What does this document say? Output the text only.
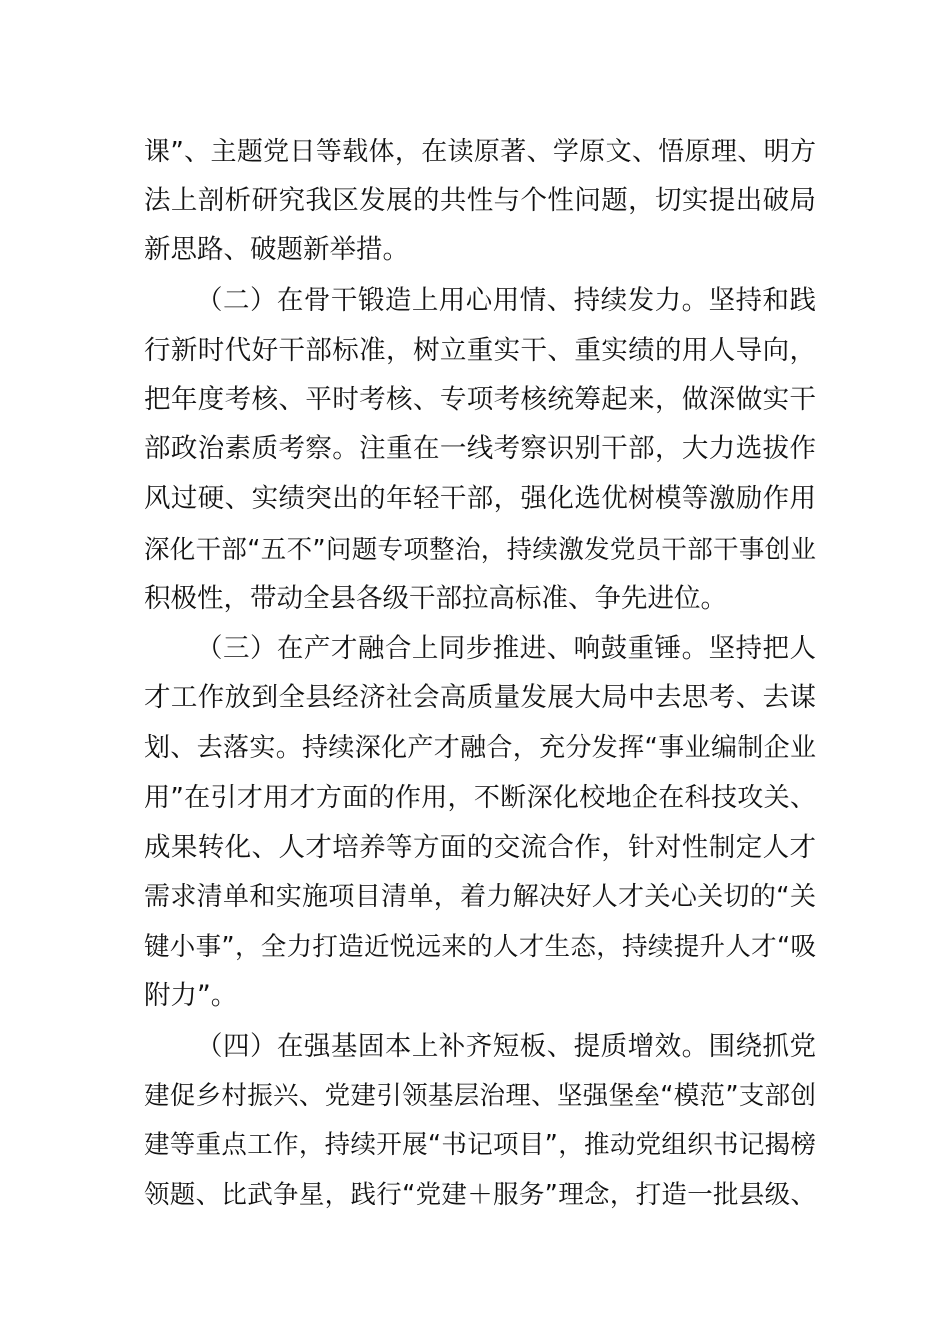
课”、主题党日等载体，在读原著、学原文、悟原理、明方
法上剖析研究我区发展的共性与个性问题，切实提出破局
新思路、破题新举措。
（二）在骨干锻造上用心用情、持续发力。坚持和践
行新时代好干部标准，树立重实干、重实绩的用人导向，
把年度考核、平时考核、专项考核统筹起来，做深做实干
部政治素质考察。注重在一线考察识别干部，大力选拔作
风过硬、实绩突出的年轻干部，强化选优树模等激励作用
深化干部“五不”问题专项整治，持续激发党员干部干事创业
积极性，带动全县各级干部拉高标准、争先进位。
（三）在产才融合上同步推进、响鼓重锤。坚持把人
才工作放到全县经济社会高质量发展大局中去思考、去谋
划、去落实。持续深化产才融合，充分发挥“事业编制企业
用”在引才用才方面的作用，不断深化校地企在科技攻关、
成果转化、人才培养等方面的交流合作，针对性制定人才
需求清单和实施项目清单，着力解决好人才关心关切的“关
键小事”，全力打造近悦远来的人才生态，持续提升人才“吸
附力”。
（四）在强基固本上补齐短板、提质增效。围绕抓党
建促乡村振兴、党建引领基层治理、坚强堡垒“模范”支部创
建等重点工作，持续开展“书记项目”，推动党组织书记揭榜
领题、比武争星，践行“党建＋服务”理念，打造一批县级、
